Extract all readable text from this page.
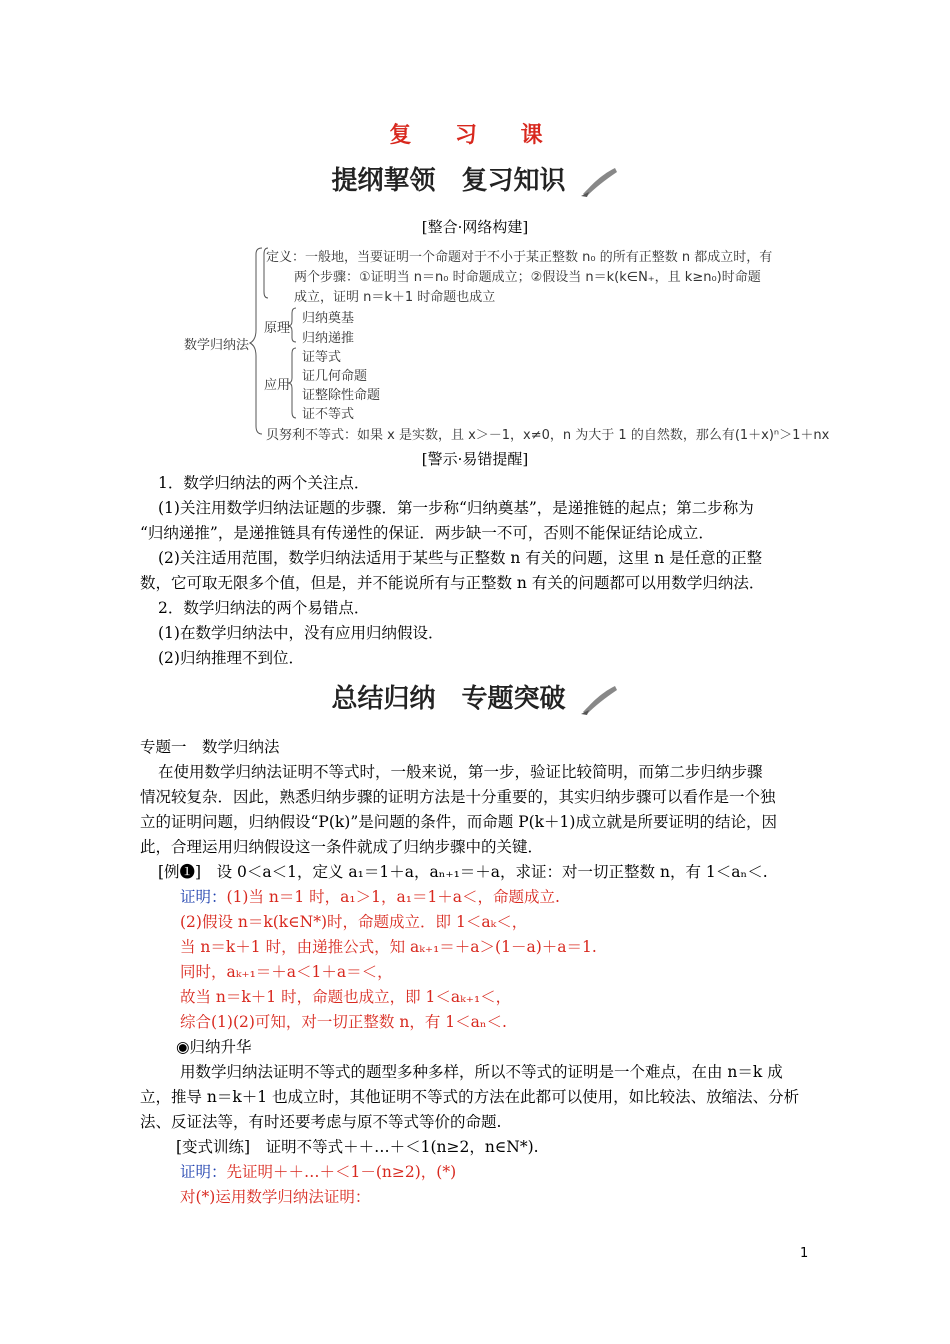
复 习 课
提纲挈领　复习知识
[整合·网络构建]
数学归纳法
定义：一般地，当要证明一个命题对于不小于某正整数 n₀ 的所有正整数 n 都成立时，有
两个步骤：①证明当 n＝n₀ 时命题成立；②假设当 n＝k(k∈N₊，且 k≥n₀)时命题
成立，证明 n＝k＋1 时命题也成立
原理
归纳奠基
归纳递推
应用
证等式
证几何命题
证整除性命题
证不等式
贝努利不等式：如果 x 是实数，且 x＞－1，x≠0，n 为大于 1 的自然数，那么有(1＋x)ⁿ＞1＋nx
[警示·易错提醒]
1．数学归纳法的两个关注点．
(1)关注用数学归纳法证题的步骤．第一步称“归纳奠基”，是递推链的起点；第二步称为
“归纳递推”，是递推链具有传递性的保证．两步缺一不可，否则不能保证结论成立．
(2)关注适用范围，数学归纳法适用于某些与正整数 n 有关的问题，这里 n 是任意的正整
数，它可取无限多个值，但是，并不能说所有与正整数 n 有关的问题都可以用数学归纳法．
2．数学归纳法的两个易错点．
(1)在数学归纳法中，没有应用归纳假设．
(2)归纳推理不到位．
总结归纳　专题突破
专题一　数学归纳法
在使用数学归纳法证明不等式时，一般来说，第一步，验证比较简明，而第二步归纳步骤
情况较复杂．因此，熟悉归纳步骤的证明方法是十分重要的，其实归纳步骤可以看作是一个独
立的证明问题，归纳假设“P(k)”是问题的条件，而命题 P(k＋1)成立就是所要证明的结论，因
此，合理运用归纳假设这一条件就成了归纳步骤中的关键．
[例❶]　设 0＜a＜1，定义 a₁＝1＋a，aₙ₊₁＝＋a，求证：对一切正整数 n，有 1＜aₙ＜.
证明：(1)当 n＝1 时，a₁＞1，a₁＝1＋a＜，命题成立.
(2)假设 n＝k(k∈N*)时，命题成立．即 1＜aₖ＜，
当 n＝k＋1 时，由递推公式，知 aₖ₊₁＝＋a＞(1－a)＋a＝1.
同时，aₖ₊₁＝＋a＜1＋a＝＜，
故当 n＝k＋1 时，命题也成立，即 1＜aₖ₊₁＜，
综合(1)(2)可知，对一切正整数 n，有 1＜aₙ＜.
◉归纳升华
用数学归纳法证明不等式的题型多种多样，所以不等式的证明是一个难点，在由 n＝k 成
立，推导 n＝k＋1 也成立时，其他证明不等式的方法在此都可以使用，如比较法、放缩法、分析
法、反证法等，有时还要考虑与原不等式等价的命题.
[变式训练]　证明不等式＋＋…＋＜1(n≥2，n∈N*).
证明：先证明＋＋…＋＜1－(n≥2)，(*)
对(*)运用数学归纳法证明：
1
